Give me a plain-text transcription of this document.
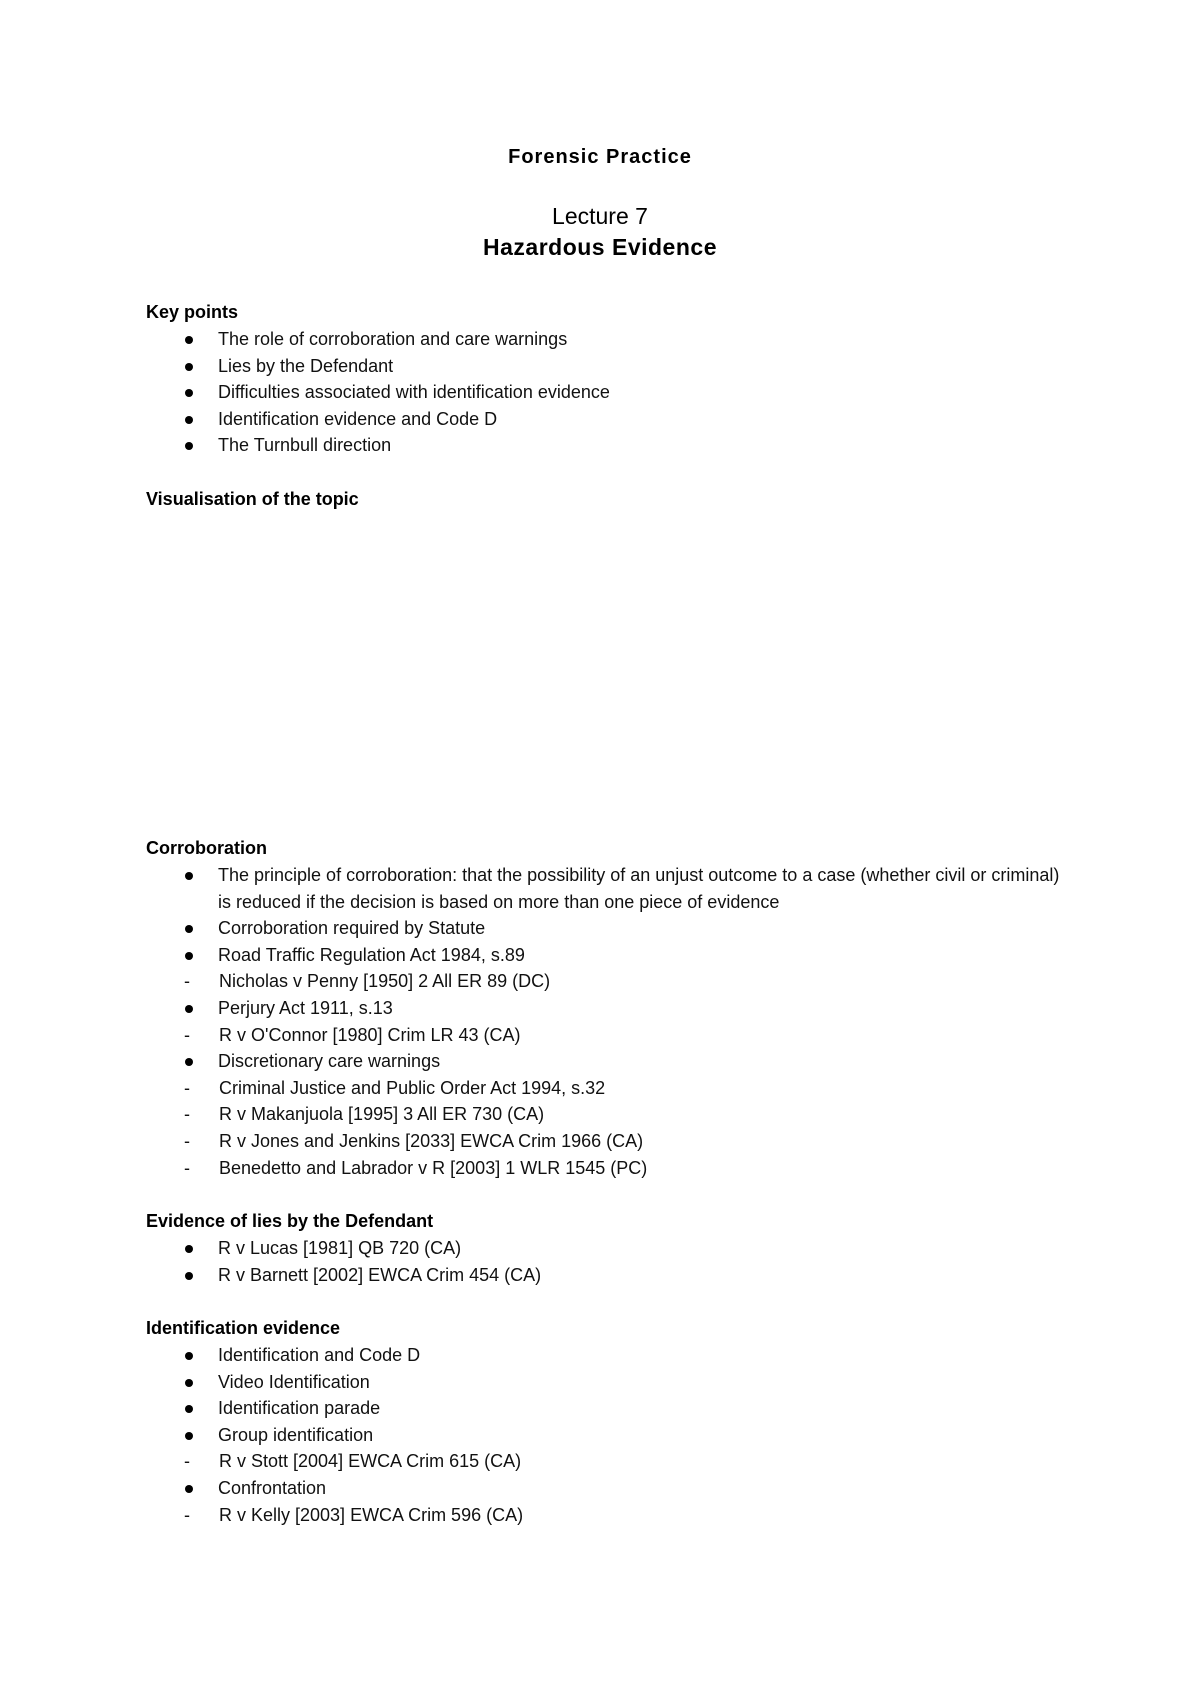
Forensic Practice
Lecture 7
Hazardous Evidence
Key points
The role of corroboration and care warnings
Lies by the Defendant
Difficulties associated with identification evidence
Identification evidence and Code D
The Turnbull direction
Visualisation of the topic
Corroboration
The principle of corroboration: that the possibility of an unjust outcome to a case (whether civil or criminal) is reduced if the decision is based on more than one piece of evidence
Corroboration required by Statute
Road Traffic Regulation Act 1984, s.89
- Nicholas v Penny [1950] 2 All ER 89 (DC)
Perjury Act 1911, s.13
- R v O'Connor [1980] Crim LR 43 (CA)
Discretionary care warnings
- Criminal Justice and Public Order Act 1994, s.32
- R v Makanjuola [1995] 3 All ER 730 (CA)
- R v Jones and Jenkins [2033] EWCA Crim 1966 (CA)
- Benedetto and Labrador v R [2003] 1 WLR 1545 (PC)
Evidence of lies by the Defendant
R v Lucas [1981] QB 720 (CA)
R v Barnett [2002] EWCA Crim 454 (CA)
Identification evidence
Identification and Code D
Video Identification
Identification parade
Group identification
- R v Stott [2004] EWCA Crim 615 (CA)
Confrontation
- R v Kelly [2003] EWCA Crim 596 (CA)
